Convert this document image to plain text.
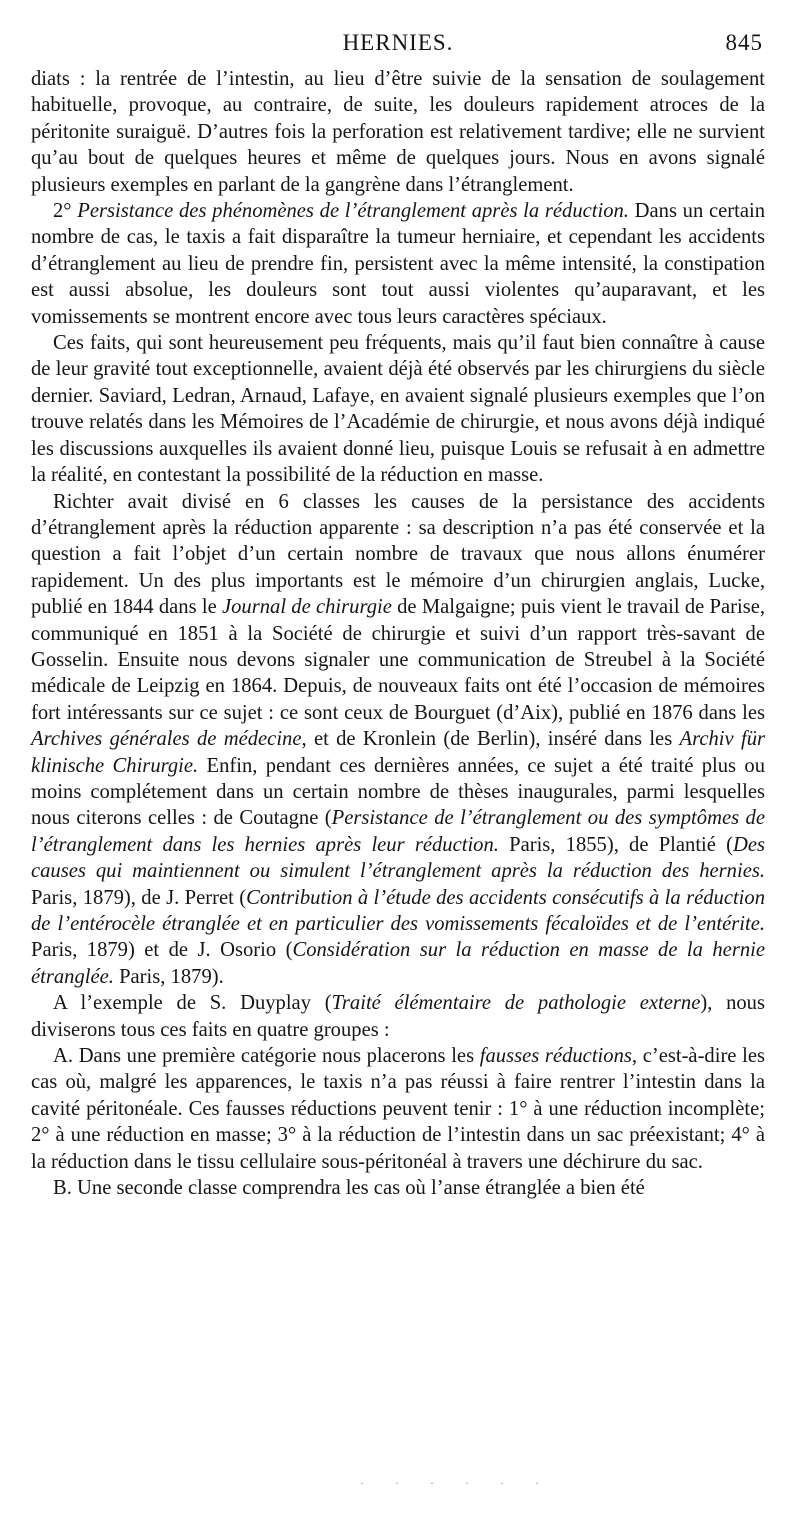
HERNIES.	845

diats : la rentrée de l’intestin, au lieu d’être suivie de la sensation de soulagement habituelle, provoque, au contraire, de suite, les douleurs rapidement atroces de la péritonite suraiguë. D’autres fois la perforation est relativement tardive; elle ne survient qu’au bout de quelques heures et même de quelques jours. Nous en avons signalé plusieurs exemples en parlant de la gangrène dans l’étranglement.

2° Persistance des phénomènes de l’étranglement après la réduction. Dans un certain nombre de cas, le taxis a fait disparaître la tumeur herniaire, et cependant les accidents d’étranglement au lieu de prendre fin, persistent avec la même intensité, la constipation est aussi absolue, les douleurs sont tout aussi violentes qu’auparavant, et les vomissements se montrent encore avec tous leurs caractères spéciaux.

Ces faits, qui sont heureusement peu fréquents, mais qu’il faut bien connaître à cause de leur gravité tout exceptionnelle, avaient déjà été observés par les chirurgiens du siècle dernier. Saviard, Ledran, Arnaud, Lafaye, en avaient signalé plusieurs exemples que l’on trouve relatés dans les Mémoires de l’Académie de chirurgie, et nous avons déjà indiqué les discussions auxquelles ils avaient donné lieu, puisque Louis se refusait à en admettre la réalité, en contestant la possibilité de la réduction en masse.

Richter avait divisé en 6 classes les causes de la persistance des accidents d’étranglement après la réduction apparente : sa description n’a pas été conservée et la question a fait l’objet d’un certain nombre de travaux que nous allons énumérer rapidement. Un des plus importants est le mémoire d’un chirurgien anglais, Lucke, publié en 1844 dans le Journal de chirurgie de Malgaigne; puis vient le travail de Parise, communiqué en 1851 à la Société de chirurgie et suivi d’un rapport très-savant de Gosselin. Ensuite nous devons signaler une communication de Streubel à la Société médicale de Leipzig en 1864. Depuis, de nouveaux faits ont été l’occasion de mémoires fort intéressants sur ce sujet : ce sont ceux de Bourguet (d’Aix), publié en 1876 dans les Archives générales de médecine, et de Kronlein (de Berlin), inséré dans les Archiv für klinische Chirurgie. Enfin, pendant ces dernières années, ce sujet a été traité plus ou moins complétement dans un certain nombre de thèses inaugurales, parmi lesquelles nous citerons celles : de Coutagne (Persistance de l’étranglement ou des symptômes de l’étranglement dans les hernies après leur réduction. Paris, 1855), de Plantié (Des causes qui maintiennent ou simulent l’étranglement après la réduction des hernies. Paris, 1879), de J. Perret (Contribution à l’étude des accidents consécutifs à la réduction de l’entérocèle étranglée et en particulier des vomissements fécaloïdes et de l’entérite. Paris, 1879) et de J. Osorio (Considération sur la réduction en masse de la hernie étranglée. Paris, 1879).

A l’exemple de S. Duyplay (Traité élémentaire de pathologie externe), nous diviserons tous ces faits en quatre groupes :

A. Dans une première catégorie nous placerons les fausses réductions, c’est-à-dire les cas où, malgré les apparences, le taxis n’a pas réussi à faire rentrer l’intestin dans la cavité péritonéale. Ces fausses réductions peuvent tenir : 1° à une réduction incomplète; 2° à une réduction en masse; 3° à la réduction de l’intestin dans un sac préexistant; 4° à la réduction dans le tissu cellulaire sous-péritonéal à travers une déchirure du sac.

B. Une seconde classe comprendra les cas où l’anse étranglée a bien été

· · · · · ·
